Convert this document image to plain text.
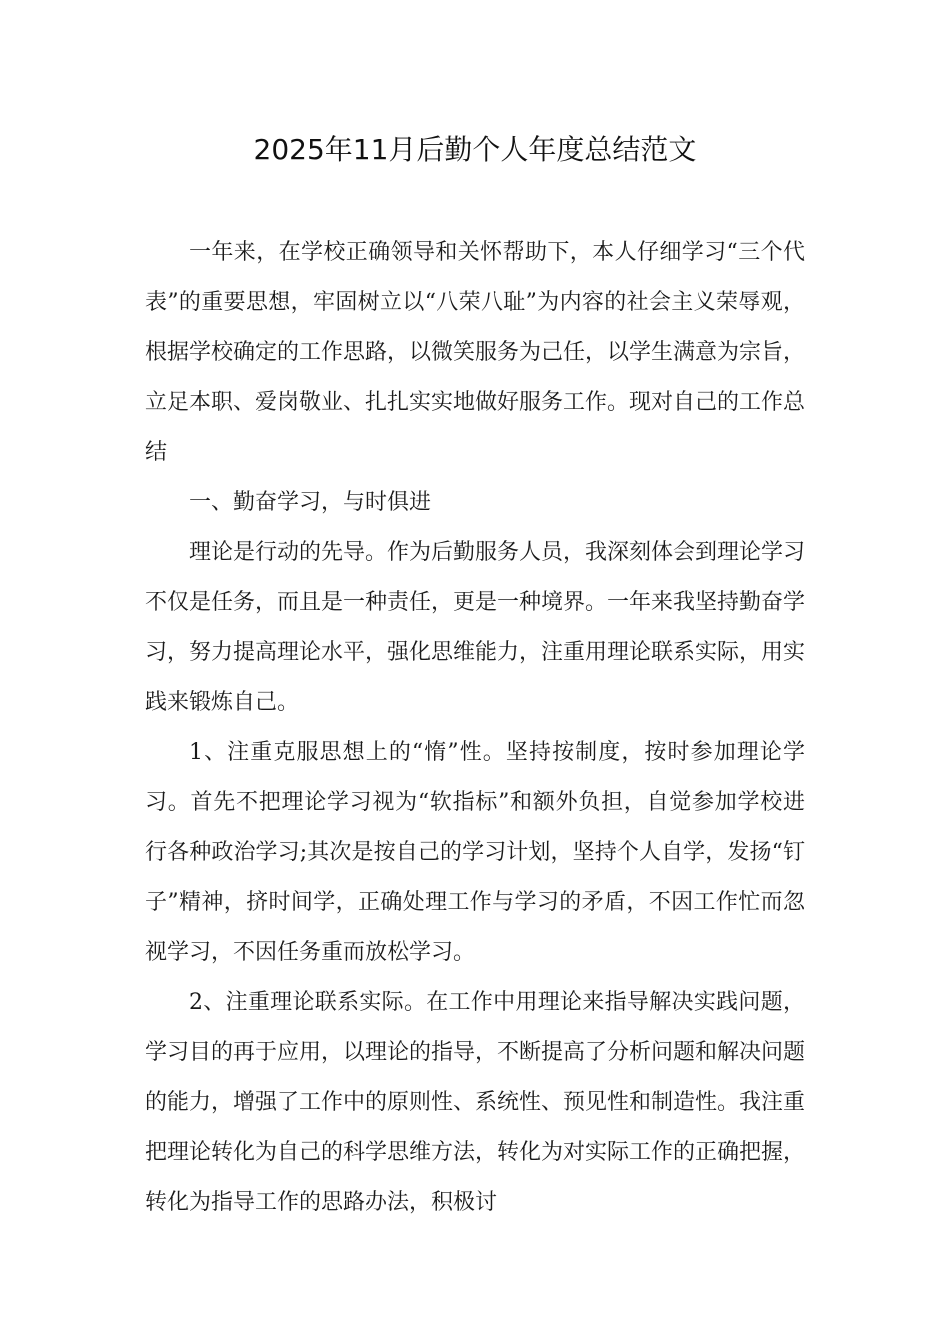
2025年11月后勤个人年度总结范文

一年来，在学校正确领导和关怀帮助下，本人仔细学习“三个代表”的重要思想，牢固树立以“八荣八耻”为内容的社会主义荣辱观，根据学校确定的工作思路，以微笑服务为己任，以学生满意为宗旨，立足本职、爱岗敬业、扎扎实实地做好服务工作。现对自己的工作总结

一、勤奋学习，与时俱进

理论是行动的先导。作为后勤服务人员，我深刻体会到理论学习不仅是任务，而且是一种责任，更是一种境界。一年来我坚持勤奋学习，努力提高理论水平，强化思维能力，注重用理论联系实际，用实践来锻炼自己。

1、注重克服思想上的“惰”性。坚持按制度，按时参加理论学习。首先不把理论学习视为“软指标”和额外负担，自觉参加学校进行各种政治学习;其次是按自己的学习计划，坚持个人自学，发扬“钉子”精神，挤时间学，正确处理工作与学习的矛盾，不因工作忙而忽视学习，不因任务重而放松学习。

2、注重理论联系实际。在工作中用理论来指导解决实践问题，学习目的再于应用，以理论的指导，不断提高了分析问题和解决问题的能力，增强了工作中的原则性、系统性、预见性和制造性。我注重把理论转化为自己的科学思维方法，转化为对实际工作的正确把握，转化为指导工作的思路办法，积极讨
